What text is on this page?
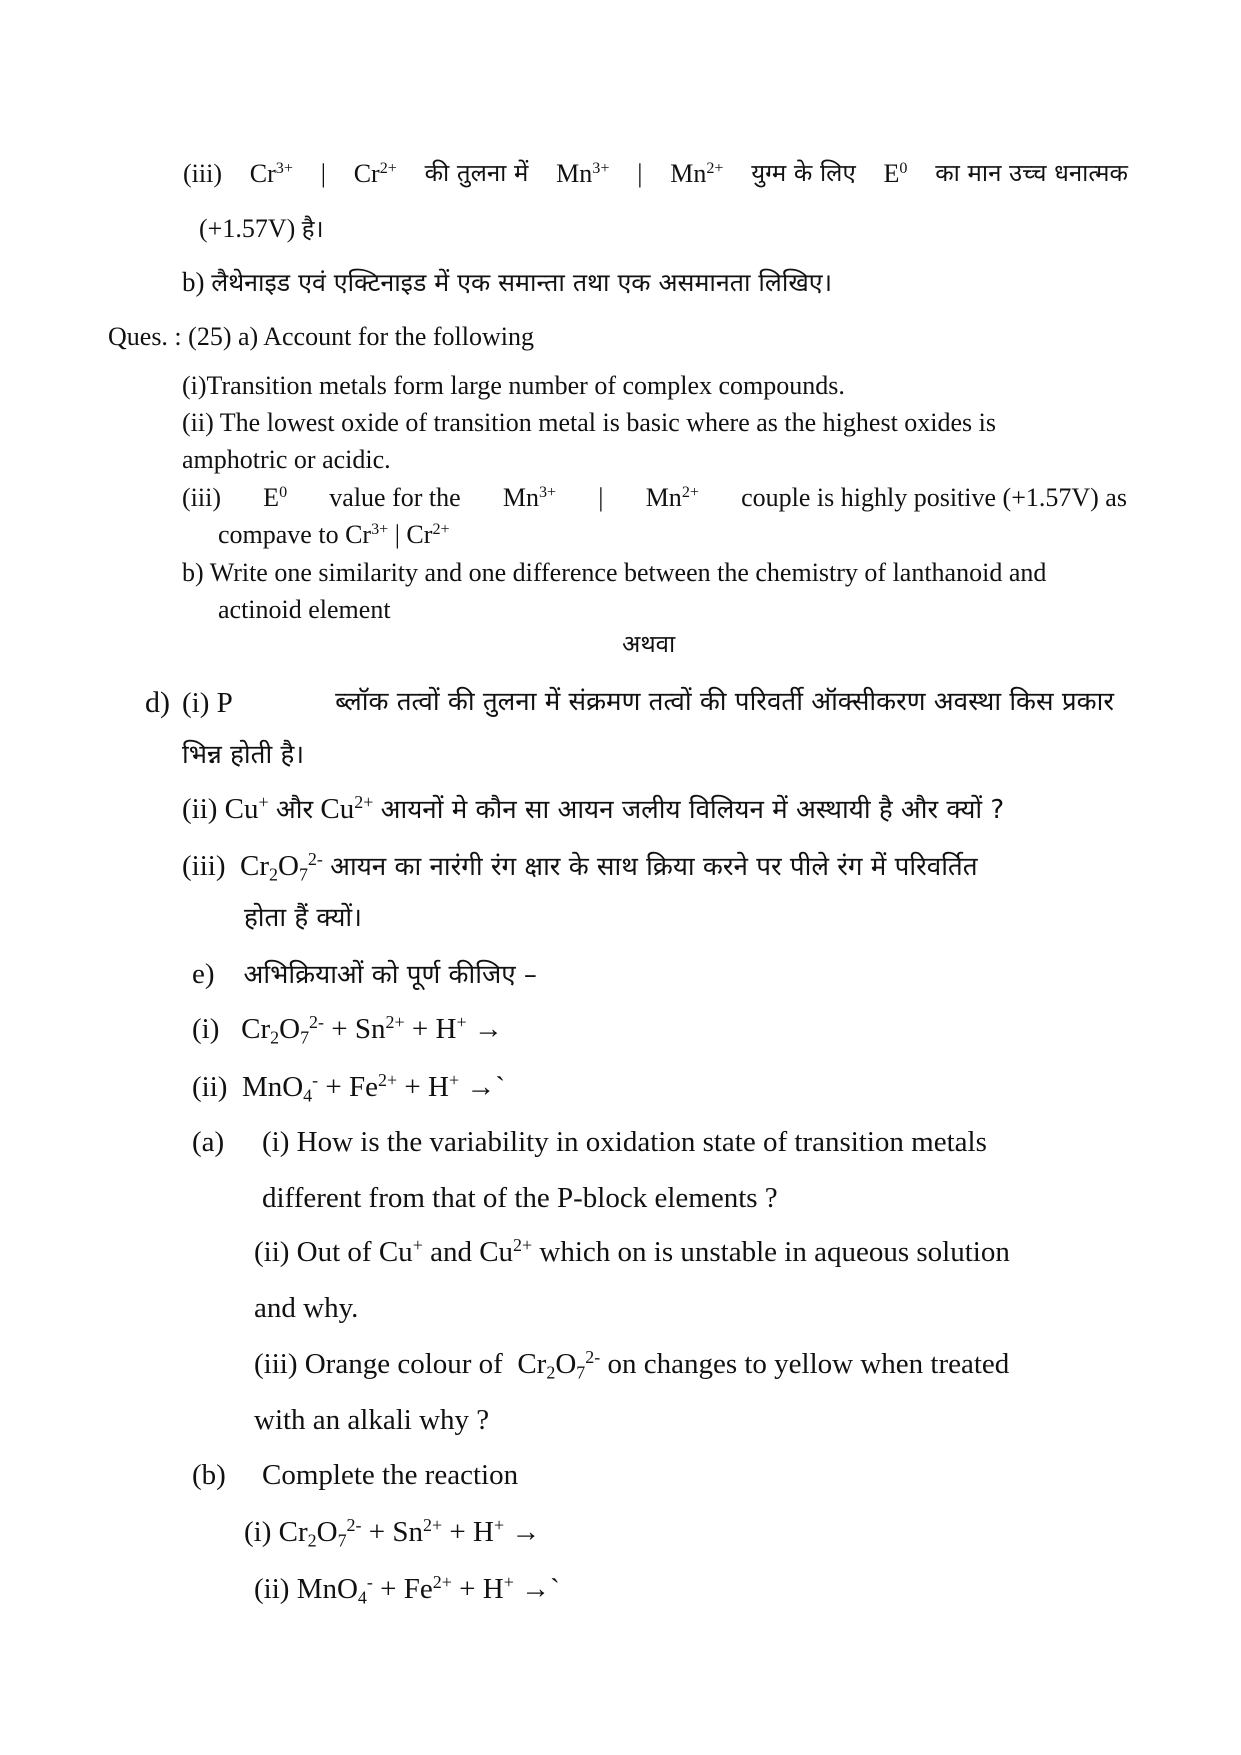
(iii) $Cr^{3+}$ | $Cr^{2+}$ की तुलना में $Mn^{3+}$ | $Mn^{2+}$ युग्म के लिए $E^0$ का मान उच्च धनात्मक
(+1.57V) है।
b) लैथेनाइड एवं एक्टिनाइड में एक समान्ता तथा एक असमानता लिखिए।
Ques. : (25) a) Account for the following
(i)Transition metals form large number of complex compounds.
(ii) The lowest oxide of transition metal is basic where as the highest oxides is
amphotric or acidic.
(iii) $E^0$ value for the $Mn^{3+}$ | $Mn^{2+}$ couple is highly positive (+1.57V) as
compave to $Cr^{3+}$ | $Cr^{2+}$
b) Write one similarity and one difference between the chemistry of lanthanoid and
actinoid element
अथवा
d) (i) P	ब्लॉक तत्वों की तुलना में संक्रमण तत्वों की परिवर्ती ऑक्सीकरण अवस्था किस प्रकार
भिन्न होती है।
(ii) Cu+ और $Cu^{2+}$ आयनों मे कौन सा आयन जलीय विलियन में अस्थायी है और क्यों ?
(iii) $Cr_2O_7^{2-}$ आयन का नारंगी रंग क्षार के साथ क्रिया करने पर पीले रंग में परिवर्तित
होता हैं क्यों।
e) अभिक्रियाओं को पूर्ण कीजिए –
(i) $Cr_2O_7^{2-} + Sn^{2+} + H^+$ →
(ii) $MnO_4^- + Fe^{2+} + H^+$ →`
(a) (i) How is the variability in oxidation state of transition metals
different from that of the P-block elements ?
(ii) Out of Cu+ and $Cu^{2+}$ which on is unstable in aqueous solution
and why.
(iii) Orange colour of $Cr_2O_7^{2-}$ on changes to yellow when treated
with an alkali why ?
(b) Complete the reaction
(i) $Cr_2O_7^{2-} + Sn^{2+} + H^+$ →
(ii) $MnO_4^- + Fe^{2+} + H^+$ →`
